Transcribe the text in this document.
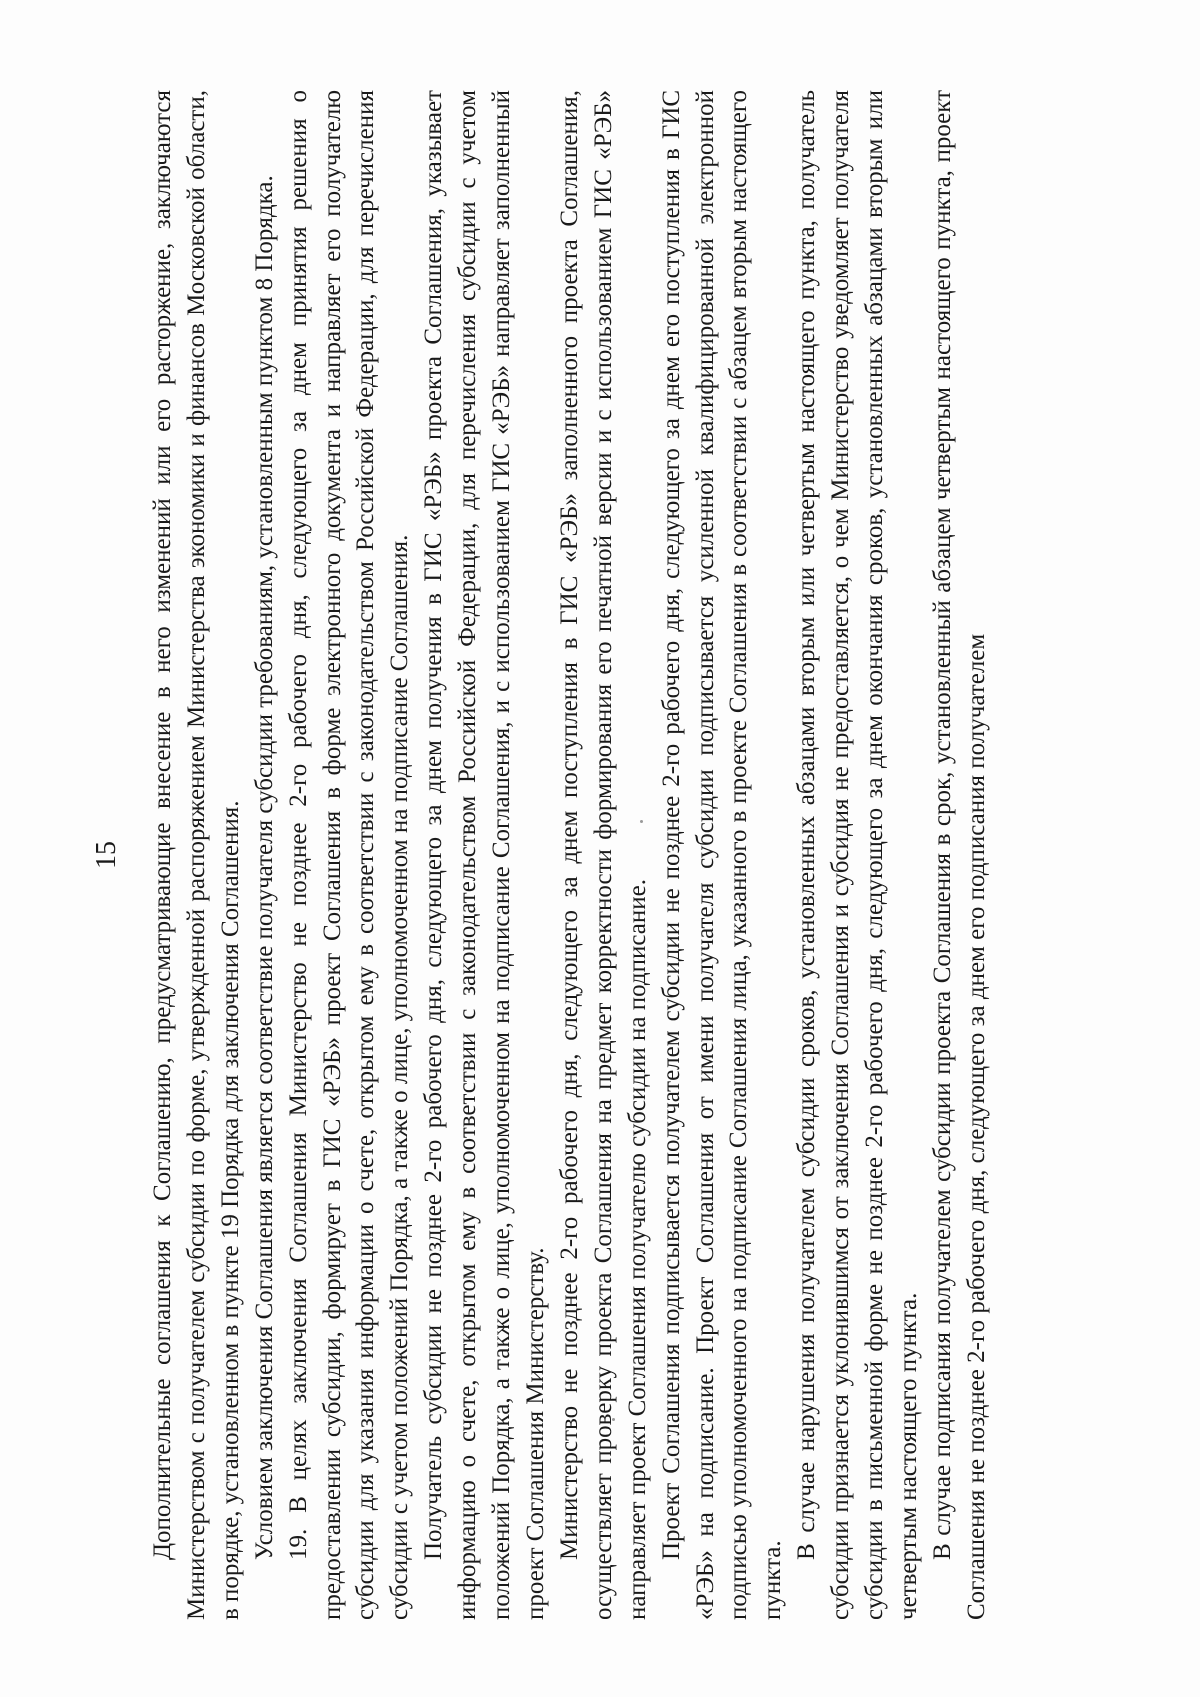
15 Дополнительные соглашения к Соглашению, предусматривающие внесение в него изменений или его расторжение, заключаются Министерством с получателем субсидии по форме, утвержденной распоряжением Министерства экономики и финансов Московской области, в порядке, установленном в пункте 19 Порядка для заключения Соглашения. Условием заключения Соглашения является соответствие получателя субсидии требованиям, установленным пунктом 8 Порядка. 19. В целях заключения Соглашения Министерство не позднее 2-го рабочего дня, следующего за днем принятия решения о предоставлении субсидии, формирует в ГИС «РЭБ» проект Соглашения в форме электронного документа и направляет его получателю субсидии для указания информации о счете, открытом ему в соответствии с законодательством Российской Федерации, для перечисления субсидии с учетом положений Порядка, а также о лице, уполномоченном на подписание Соглашения. Получатель субсидии не позднее 2-го рабочего дня, следующего за днем получения в ГИС «РЭБ» проекта Соглашения, указывает информацию о счете, открытом ему в соответствии с законодательством Российской Федерации, для перечисления субсидии с учетом положений Порядка, а также о лице, уполномоченном на подписание Соглашения, и с использованием ГИС «РЭБ» направляет заполненный проект Соглашения Министерству. Министерство не позднее 2-го рабочего дня, следующего за днем поступления в ГИС «РЭБ» заполненного проекта Соглашения, осуществляет проверку проекта Соглашения на предмет корректности формирования его печатной версии и с использованием ГИС «РЭБ» направляет проект Соглашения получателю субсидии на подписание. Проект Соглашения подписывается получателем субсидии не позднее 2-го рабочего дня, следующего за днем его поступления в ГИС «РЭБ» на подписание. Проект Соглашения от имени получателя субсидии подписывается усиленной квалифицированной электронной подписью уполномоченного на подписание Соглашения лица, указанного в проекте Соглашения в соответствии с абзацем вторым настоящего пункта.

В случае нарушения получателем субсидии сроков, установленных абзацами вторым или четвертым настоящего пункта, получатель субсидии признается уклонившимся от заключения Соглашения и субсидия не предоставляется, о чем Министерство уведомляет получателя субсидии в письменной форме не позднее 2-го рабочего дня, следующего за днем окончания сроков, установленных абзацами вторым или четвертым настоящего пункта. В случае подписания получателем субсидии проекта Соглашения в срок, установленный абзацем четвертым настоящего пункта, проект Соглашения не позднее 2-го рабочего дня, следующего за днем его подписания получателем
